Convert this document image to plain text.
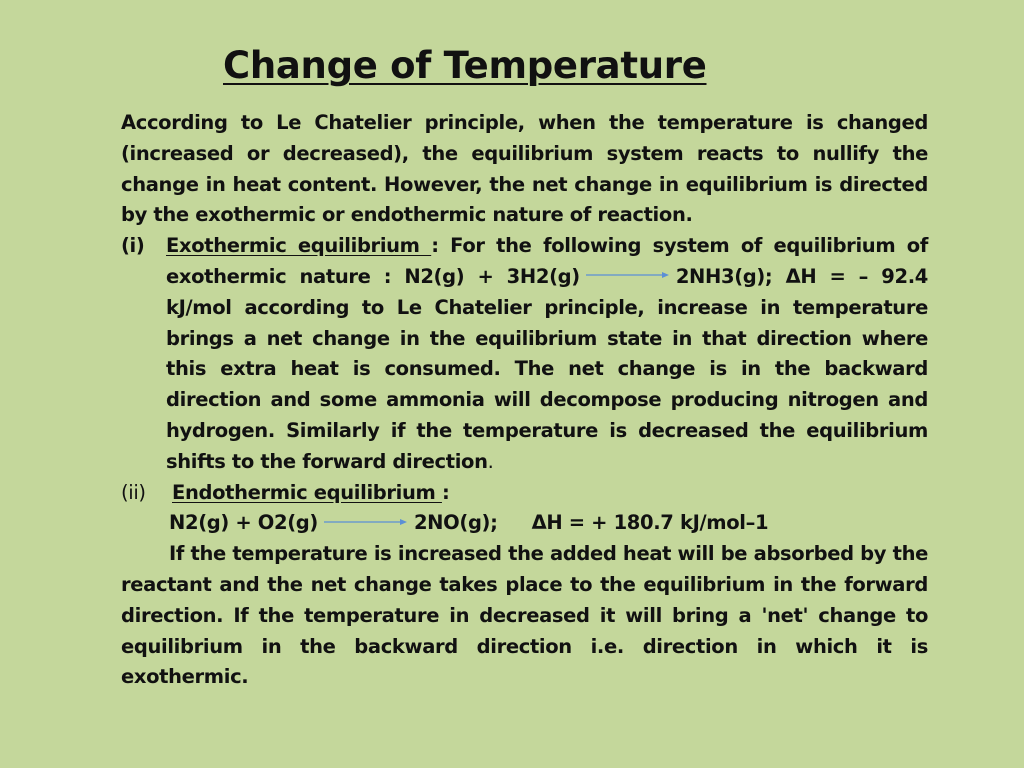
Change of Temperature

According to Le Chatelier principle, when the temperature is changed (increased or decreased), the equilibrium system reacts to nullify the change in heat content. However, the net change in equilibrium is directed by the exothermic or endothermic nature of reaction.

(i)	Exothermic equilibrium : For the following system of equilibrium of exothermic nature : N2(g) + 3H2(g)	2NH3(g); ΔH = – 92.4 kJ/mol according to Le Chatelier principle, increase in temperature brings a net change in the equilibrium state in that direction where this extra heat is consumed. The net change is in the backward direction and some ammonia will decompose producing nitrogen and hydrogen. Similarly if the temperature is decreased the equilibrium shifts to the forward direction.
(ii)	Endothermic equilibrium :

N2(g) + O2(g)	2NO(g); ΔH = + 180.7 kJ/mol–1

If the temperature is increased the added heat will be absorbed by the reactant and the net change takes place to the equilibrium in the forward direction. If the temperature in decreased it will bring a 'net' change to equilibrium in the backward direction i.e. direction in which it is exothermic.
